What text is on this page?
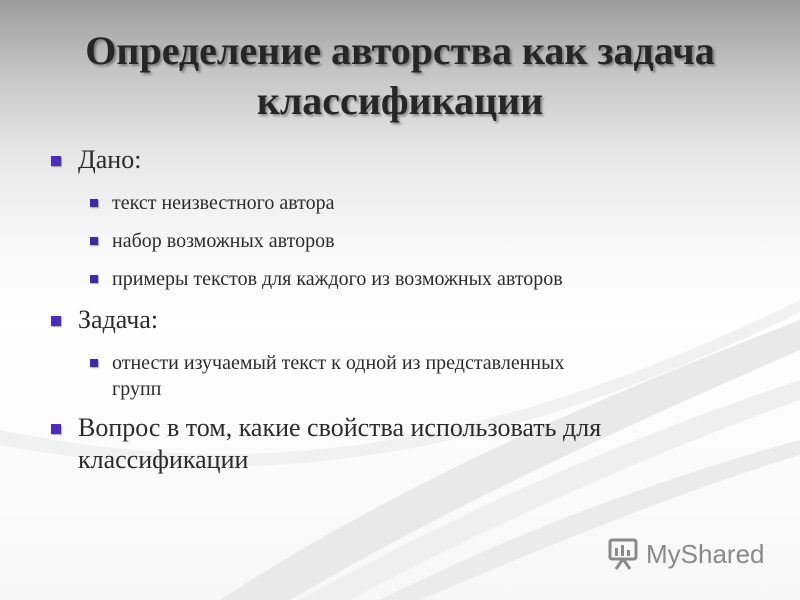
Определение авторства как задача
классификации
Дано:
текст неизвестного автора
набор возможных авторов
примеры текстов для каждого из возможных авторов
Задача:
отнести изучаемый текст к одной из представленных
групп
Вопрос в том, какие свойства использовать для
классификации
MyShared
